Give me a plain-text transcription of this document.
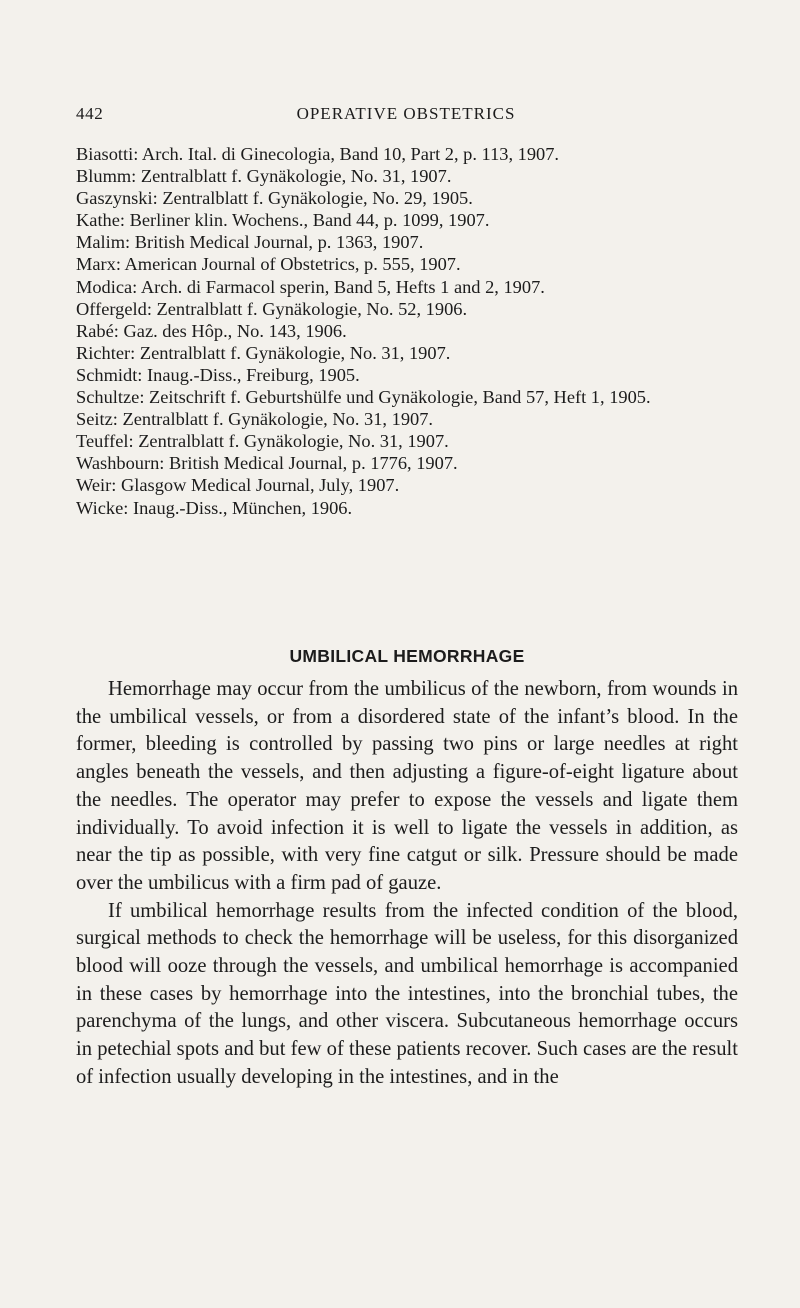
442	OPERATIVE OBSTETRICS
Biasotti: Arch. Ital. di Ginecologia, Band 10, Part 2, p. 113, 1907.
Blumm: Zentralblatt f. Gynäkologie, No. 31, 1907.
Gaszynski: Zentralblatt f. Gynäkologie, No. 29, 1905.
Kathe: Berliner klin. Wochens., Band 44, p. 1099, 1907.
Malim: British Medical Journal, p. 1363, 1907.
Marx: American Journal of Obstetrics, p. 555, 1907.
Modica: Arch. di Farmacol sperin, Band 5, Hefts 1 and 2, 1907.
Offergeld: Zentralblatt f. Gynäkologie, No. 52, 1906.
Rabé: Gaz. des Hôp., No. 143, 1906.
Richter: Zentralblatt f. Gynäkologie, No. 31, 1907.
Schmidt: Inaug.-Diss., Freiburg, 1905.
Schultze: Zeitschrift f. Geburtshülfe und Gynäkologie, Band 57, Heft 1, 1905.
Seitz: Zentralblatt f. Gynäkologie, No. 31, 1907.
Teuffel: Zentralblatt f. Gynäkologie, No. 31, 1907.
Washbourn: British Medical Journal, p. 1776, 1907.
Weir: Glasgow Medical Journal, July, 1907.
Wicke: Inaug.-Diss., München, 1906.
UMBILICAL HEMORRHAGE

Hemorrhage may occur from the umbilicus of the newborn, from wounds in the umbilical vessels, or from a disordered state of the infant’s blood. In the former, bleeding is controlled by passing two pins or large needles at right angles beneath the vessels, and then adjusting a figure-of-eight ligature about the needles. The operator may prefer to expose the vessels and ligate them individually. To avoid infection it is well to ligate the vessels in addition, as near the tip as possible, with very fine catgut or silk. Pressure should be made over the umbilicus with a firm pad of gauze.

If umbilical hemorrhage results from the infected condition of the blood, surgical methods to check the hemorrhage will be useless, for this disorganized blood will ooze through the vessels, and umbilical hemorrhage is accompanied in these cases by hemorrhage into the intestines, into the bronchial tubes, the parenchyma of the lungs, and other viscera. Subcutaneous hemorrhage occurs in petechial spots and but few of these patients recover. Such cases are the result of infection usually developing in the intestines, and in the
